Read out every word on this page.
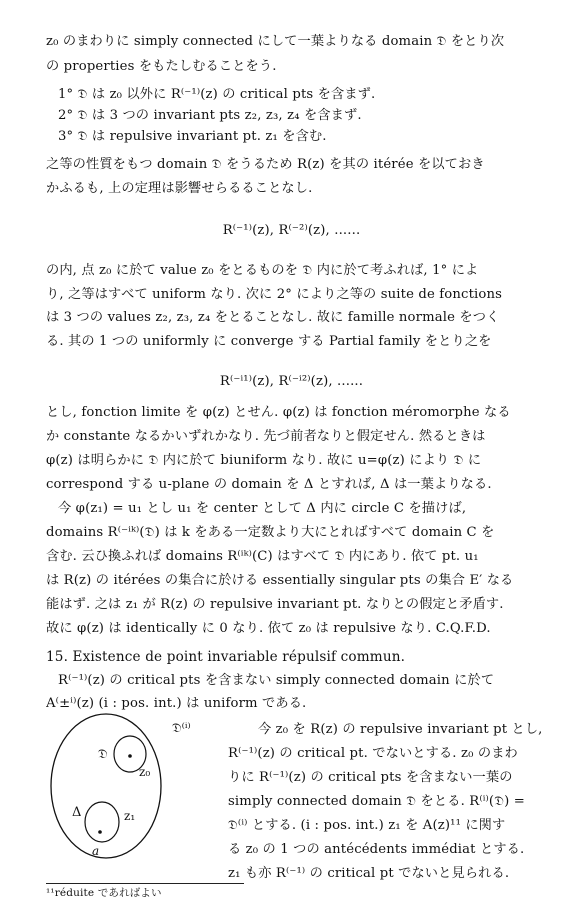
z₀ のまわりに simply connected にして一葉よりなる domain 𝔇 をとり次
の properties をもたしむることをう.
1° 𝔇 は z₀ 以外に R⁽⁻¹⁾(z) の critical pts を含まず.
2° 𝔇 は 3 つの invariant pts z₂, z₃, z₄ を含まず.
3° 𝔇 は repulsive invariant pt. z₁ を含む.
之等の性質をもつ domain 𝔇 をうるため R(z) を其の itérée を以ておき
かふるも, 上の定理は影響せらるることなし.
R⁽⁻¹⁾(z), R⁽⁻²⁾(z), ......
の内, 点 z₀ に於て value z₀ をとるものを 𝔇 内に於て考ふれば, 1° によ
り, 之等はすべて uniform なり. 次に 2° により之等の suite de fonctions
は 3 つの values z₂, z₃, z₄ をとることなし. 故に famille normale をつく
る. 其の 1 つの uniformly に converge する Partial family をとり之を
R⁽⁻ⁱ¹⁾(z), R⁽⁻ⁱ²⁾(z), ......
とし, fonction limite を φ(z) とせん. φ(z) は fonction méromorphe なる
か constante なるかいずれかなり. 先づ前者なりと假定せん. 然るときは
φ(z) は明らかに 𝔇 内に於て biuniform なり. 故に u=φ(z) により 𝔇 に
correspond する u-plane の domain を Δ とすれば, Δ は一葉よりなる.
今 φ(z₁) = u₁ とし u₁ を center として Δ 内に circle C を描けば,
domains R⁽⁻ⁱᵏ⁾(𝔇) は k をある一定数より大にとればすべて domain C を
含む. 云ひ換ふれば domains R⁽ⁱᵏ⁾(C) はすべて 𝔇 内にあり. 依て pt. u₁
は R(z) の itérées の集合に於ける essentially singular pts の集合 E′ なる
能はず. 之は z₁ が R(z) の repulsive invariant pt. なりとの假定と矛盾す.
故に φ(z) は identically に 0 なり. 依て z₀ は repulsive なり. C.Q.F.D.
15. Existence de point invariable répulsif commun.
R⁽⁻¹⁾(z) の critical pts を含まない simply connected domain に於て
A⁽±ⁱ⁾(z) (i : pos. int.) は uniform である.
今 z₀ を R(z) の repulsive invariant pt とし,
R⁽⁻¹⁾(z) の critical pt. でないとする. z₀ のまわ
りに R⁽⁻¹⁾(z) の critical pts を含まない一葉の
simply connected domain 𝔇 をとる. R⁽ⁱ⁾(𝔇) =
𝔇⁽ⁱ⁾ とする. (i : pos. int.) z₁ を A(z)¹¹ に関す
る z₀ の 1 つの antécédents immédiat とする.
z₁ も亦 R⁽⁻¹⁾ の critical pt でないと見られる.
𝔇⁽ⁱ⁾
𝔇
z₀
Δ	z₁
a
¹¹réduite であればよい
